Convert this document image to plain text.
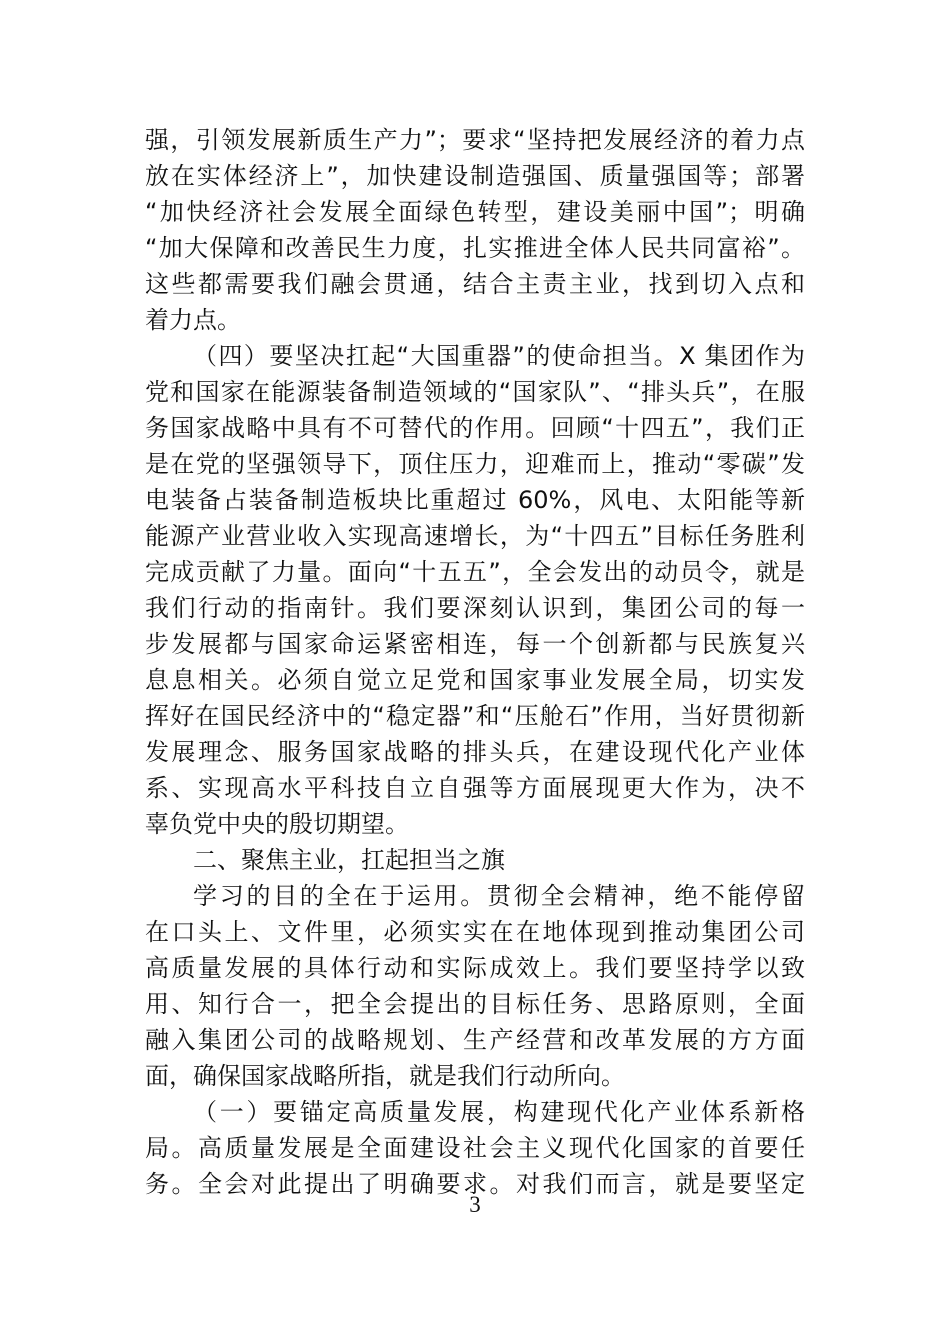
强，引领发展新质生产力”；要求“坚持把发展经济的着力点
放在实体经济上”，加快建设制造强国、质量强国等；部署
“加快经济社会发展全面绿色转型，建设美丽中国”；明确
“加大保障和改善民生力度，扎实推进全体人民共同富裕”。
这些都需要我们融会贯通，结合主责主业，找到切入点和
着力点。
（四）要坚决扛起“大国重器”的使命担当。X 集团作为
党和国家在能源装备制造领域的“国家队”、“排头兵”，在服
务国家战略中具有不可替代的作用。回顾“十四五”，我们正
是在党的坚强领导下，顶住压力，迎难而上，推动“零碳”发
电装备占装备制造板块比重超过 60%，风电、太阳能等新
能源产业营业收入实现高速增长，为“十四五”目标任务胜利
完成贡献了力量。面向“十五五”，全会发出的动员令，就是
我们行动的指南针。我们要深刻认识到，集团公司的每一
步发展都与国家命运紧密相连，每一个创新都与民族复兴
息息相关。必须自觉立足党和国家事业发展全局，切实发
挥好在国民经济中的“稳定器”和“压舱石”作用，当好贯彻新
发展理念、服务国家战略的排头兵，在建设现代化产业体
系、实现高水平科技自立自强等方面展现更大作为，决不
辜负党中央的殷切期望。
二、聚焦主业，扛起担当之旗
学习的目的全在于运用。贯彻全会精神，绝不能停留
在口头上、文件里，必须实实在在地体现到推动集团公司
高质量发展的具体行动和实际成效上。我们要坚持学以致
用、知行合一，把全会提出的目标任务、思路原则，全面
融入集团公司的战略规划、生产经营和改革发展的方方面
面，确保国家战略所指，就是我们行动所向。
（一）要锚定高质量发展，构建现代化产业体系新格
局。高质量发展是全面建设社会主义现代化国家的首要任
务。全会对此提出了明确要求。对我们而言，就是要坚定
3
